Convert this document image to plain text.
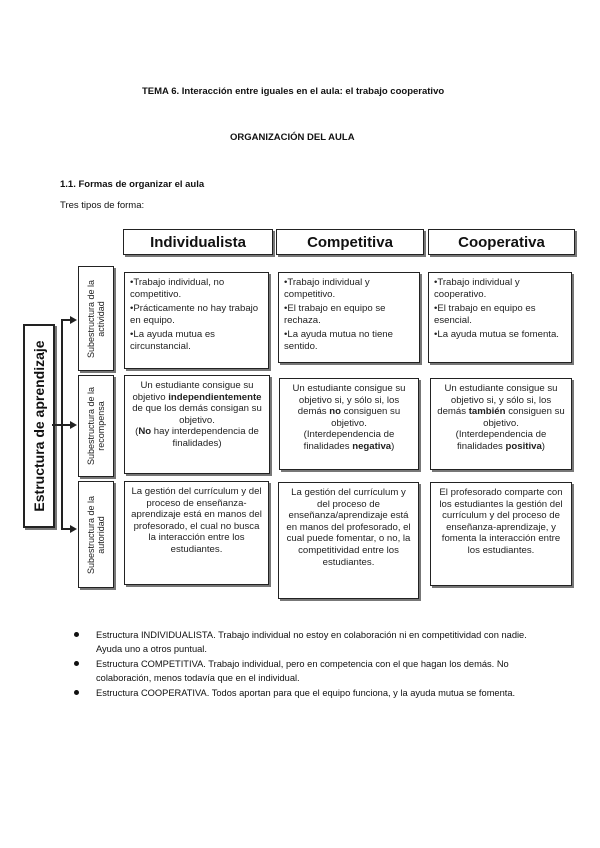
TEMA 6. Interacción entre iguales en el aula: el trabajo cooperativo
ORGANIZACIÓN DEL AULA
1.1. Formas de organizar el aula
Tres tipos de forma:
Individualista	Competitiva	Cooperativa
Estructura de aprendizaje
Subestructura de la actividad
Subestructura de la recompensa
Subestructura de la autoridad

•Trabajo individual, no competitivo.

•Prácticamente no hay trabajo en equipo.

•La ayuda mutua es circunstancial.

•Trabajo individual y competitivo.

•El trabajo en equipo se rechaza.

•La ayuda mutua no tiene sentido.

•Trabajo individual y cooperativo.

•El trabajo en equipo es esencial.

•La ayuda mutua se fomenta.

Un estudiante consigue su objetivo independientemente de que los demás consigan su objetivo.
(No hay interdependencia de finalidades)
Un estudiante consigue su objetivo si, y sólo si, los demás no consiguen su objetivo.
(Interdependencia de finalidades negativa)
Un estudiante consigue su objetivo si, y sólo si, los demás también consiguen su objetivo.
(Interdependencia de finalidades positiva)
La gestión del currículum y del proceso de enseñanza-aprendizaje está en manos del profesorado, el cual no busca la interacción entre los estudiantes.
La gestión del currículum y del proceso de enseñanza/aprendizaje está en manos del profesorado, el cual puede fomentar, o no, la competitividad entre los estudiantes.
El profesorado comparte con los estudiantes la gestión del currículum y del proceso de enseñanza-aprendizaje, y fomenta la interacción entre los estudiantes.
Estructura INDIVIDUALISTA. Trabajo individual no estoy en colaboración ni en competitividad con nadie. Ayuda uno a otros puntual.
Estructura COMPETITIVA. Trabajo individual, pero en competencia con el que hagan los demás. No colaboración, menos todavía que en el individual.
Estructura COOPERATIVA. Todos aportan para que el equipo funciona, y la ayuda mutua se fomenta.
